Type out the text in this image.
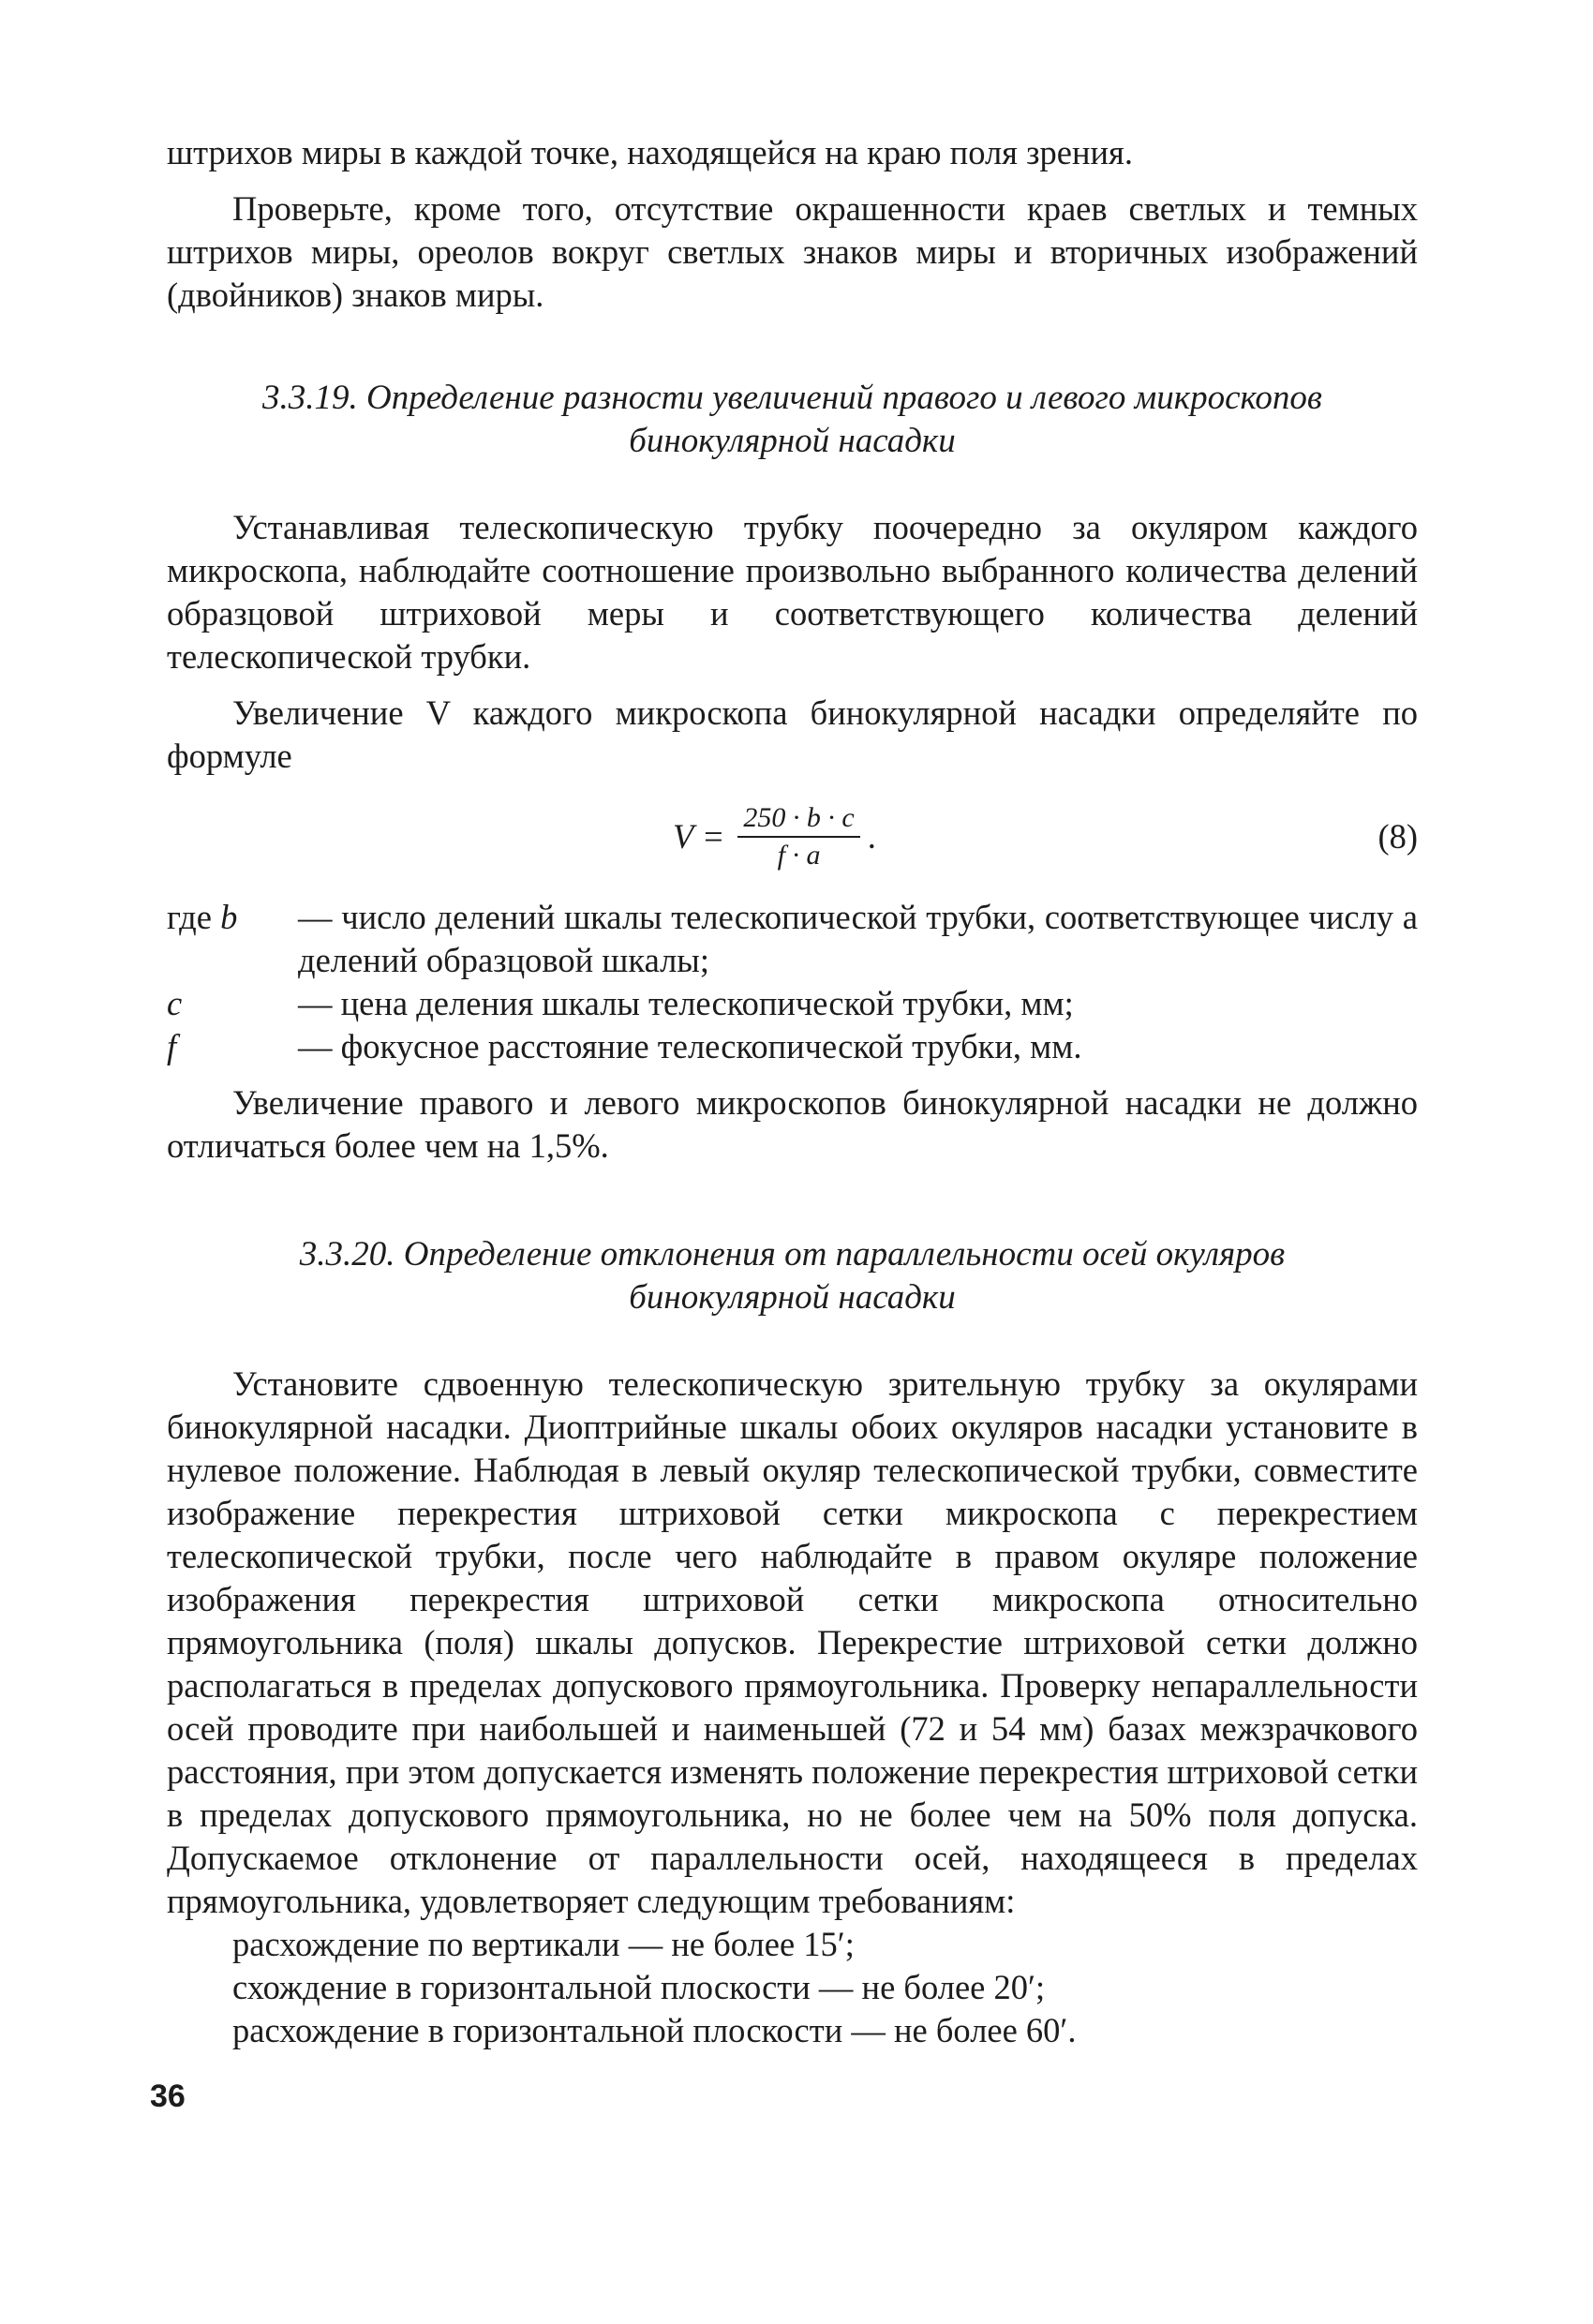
штрихов миры в каждой точке, находящейся на краю поля зрения.

Проверьте, кроме того, отсутствие окрашенности краев светлых и темных штрихов миры, ореолов вокруг светлых знаков миры и вторичных изображений (двойников) знаков миры.

3.3.19. Определение разности увеличений правого и левого микроскопов бинокулярной насадки

Устанавливая телескопическую трубку поочередно за окуляром каждого микроскопа, наблюдайте соотношение произвольно выбранного количества делений образцовой штриховой меры и соответствующего количества делений телескопической трубки.

Увеличение V каждого микроскопа бинокулярной насадки определяйте по формуле

$V = \frac{250 \cdot b \cdot c}{f \cdot a}$ .	(8)
где b	— число делений шкалы телескопической трубки, соответствующее числу a делений образцовой шкалы;
c	— цена деления шкалы телескопической трубки, мм;
f	— фокусное расстояние телескопической трубки, мм.

Увеличение правого и левого микроскопов бинокулярной насадки не должно отличаться более чем на 1,5%.

3.3.20. Определение отклонения от параллельности осей окуляров бинокулярной насадки

Установите сдвоенную телескопическую зрительную трубку за окулярами бинокулярной насадки. Диоптрийные шкалы обоих окуляров насадки установите в нулевое положение. Наблюдая в левый окуляр телескопической трубки, совместите изображение перекрестия штриховой сетки микроскопа с перекрестием телескопической трубки, после чего наблюдайте в правом окуляре положение изображения перекрестия штриховой сетки микроскопа относительно прямоугольника (поля) шкалы допусков. Перекрестие штриховой сетки должно располагаться в пределах допускового прямоугольника. Проверку непараллельности осей проводите при наибольшей и наименьшей (72 и 54 мм) базах межзрачкового расстояния, при этом допускается изменять положение перекрестия штриховой сетки в пределах допускового прямоугольника, но не более чем на 50% поля допуска. Допускаемое отклонение от параллельности осей, находящееся в пределах прямоугольника, удовлетворяет следующим требованиям:

расхождение по вертикали — не более 15′;
схождение в горизонтальной плоскости — не более 20′;
расхождение в горизонтальной плоскости — не более 60′.
36
